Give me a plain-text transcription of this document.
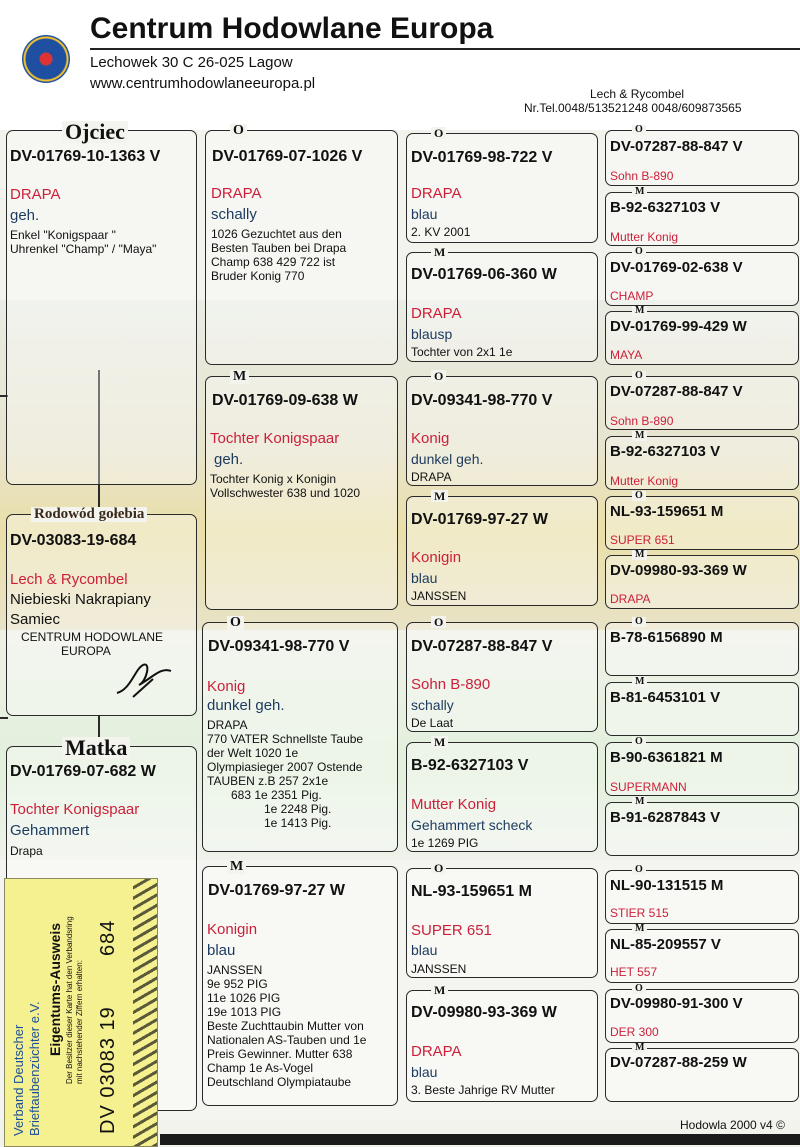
Centrum Hodowlane Europa
Lechowek 30 C 26-025 Lagow
www.centrumhodowlaneeuropa.pl
Lech & Rycombel
Nr.Tel.0048/513521248 0048/609873565
Ojciec
DV-01769-10-1363 V
DRAPA
geh.
Enkel "Konigspaar "
Uhrenkel "Champ" / "Maya"
Rodowód gołebia
DV-03083-19-684
Lech & Rycombel
Niebieski Nakrapiany
Samiec
CENTRUM HODOWLANE
EUROPA
Matka
DV-01769-07-682 W
Tochter Konigspaar
Gehammert
Drapa
O
DV-01769-07-1026 V
DRAPA
schally
1026 Gezuchtet aus den
Besten Tauben bei Drapa
Champ 638 429 722 ist
Bruder Konig 770
M
DV-01769-09-638 W
Tochter Konigspaar
geh.
Tochter Konig x Konigin
Vollschwester 638 und 1020
O
DV-09341-98-770 V
Konig
dunkel geh.
DRAPA
770 VATER Schnellste Taube
der Welt 1020 1e
Olympiasieger 2007 Ostende
TAUBEN z.B 257 2x1e
683 1e 2351 Pig.
1e 2248 Pig.
1e 1413 Pig.
M
DV-01769-97-27 W
Konigin
blau
JANSSEN
9e 952 PIG
11e 1026 PIG
19e 1013 PIG
Beste Zuchttaubin Mutter von
Nationalen AS-Tauben und 1e
Preis Gewinner. Mutter 638
Champ 1e As-Vogel
Deutschland Olympiataube
O
DV-01769-98-722 V
DRAPA
blau
2. KV 2001
M
DV-01769-06-360 W
DRAPA
blausp
Tochter von 2x1 1e
O
DV-09341-98-770 V
Konig
dunkel geh.
DRAPA
M
DV-01769-97-27 W
Konigin
blau
JANSSEN
O
DV-07287-88-847 V
Sohn B-890
schally
De Laat
M
B-92-6327103 V
Mutter Konig
Gehammert scheck
1e 1269 PIG
O
NL-93-159651 M
SUPER 651
blau
JANSSEN
M
DV-09980-93-369 W
DRAPA
blau
3. Beste Jahrige RV Mutter
O
DV-07287-88-847 V
Sohn B-890
M
B-92-6327103 V
Mutter Konig
O
DV-01769-02-638 V
CHAMP
M
DV-01769-99-429 W
MAYA
O
DV-07287-88-847 V
Sohn B-890
M
B-92-6327103 V
Mutter Konig
O
NL-93-159651 M
SUPER 651
M
DV-09980-93-369 W
DRAPA
O
B-78-6156890 M
M
B-81-6453101 V
O
B-90-6361821 M
SUPERMANN
M
B-91-6287843 V
O
NL-90-131515 M
STIER 515
M
NL-85-209557 V
HET 557
O
DV-09980-91-300 V
DER 300
M
DV-07287-88-259 W
Verband Deutscher Brieftaubenzüchter e.V.
Eigentums-Ausweis Der Besitzer dieser Karte hat den Verbandsring mit nachstehender Ziffern erhalten: DV 03083 19
684
Hodowla 2000 v4 ©
